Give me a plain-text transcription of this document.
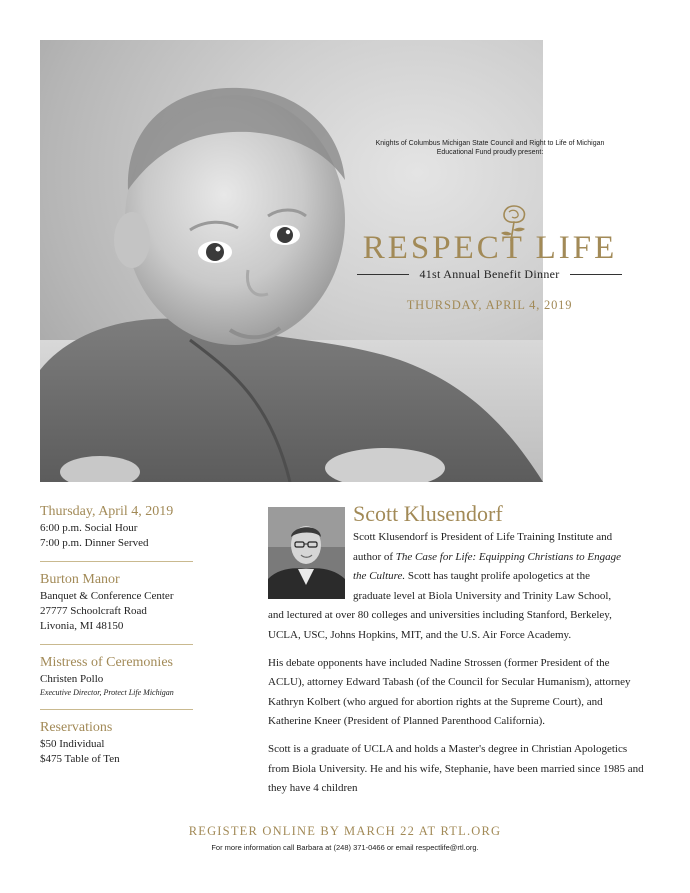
Knights of Columbus Michigan State Council and Right to Life of Michigan
Educational Fund proudly present:
RESPECT LIFE
41st Annual Benefit Dinner
THURSDAY, APRIL 4, 2019
Thursday, April 4, 2019
6:00 p.m. Social Hour
7:00 p.m. Dinner Served
Burton Manor
Banquet & Conference Center
27777 Schoolcraft Road
Livonia, MI 48150
Mistress of Ceremonies
Christen Pollo
Executive Director, Protect Life Michigan
Reservations
$50 Individual
$475 Table of Ten
Scott Klusendorf

Scott Klusendorf is President of Life Training Institute and
author of The Case for Life: Equipping Christians to Engage
the Culture. Scott has taught prolife apologetics at the
graduate level at Biola University and Trinity Law School,
and lectured at over 80 colleges and universities including Stanford, Berkeley, UCLA, USC, Johns Hopkins, MIT, and the U.S. Air Force Academy.

His debate opponents have included Nadine Strossen (former President of the ACLU), attorney Edward Tabash (of the Council for Secular Humanism), attorney Kathryn Kolbert (who argued for abortion rights at the Supreme Court), and Katherine Kneer (President of Planned Parenthood California).

Scott is a graduate of UCLA and holds a Master's degree in Christian Apologetics from Biola University. He and his wife, Stephanie, have been married since 1985 and they have 4 children

REGISTER ONLINE BY MARCH 22 AT RTL.ORG
For more information call Barbara at (248) 371-0466 or email respectlife@rtl.org.
